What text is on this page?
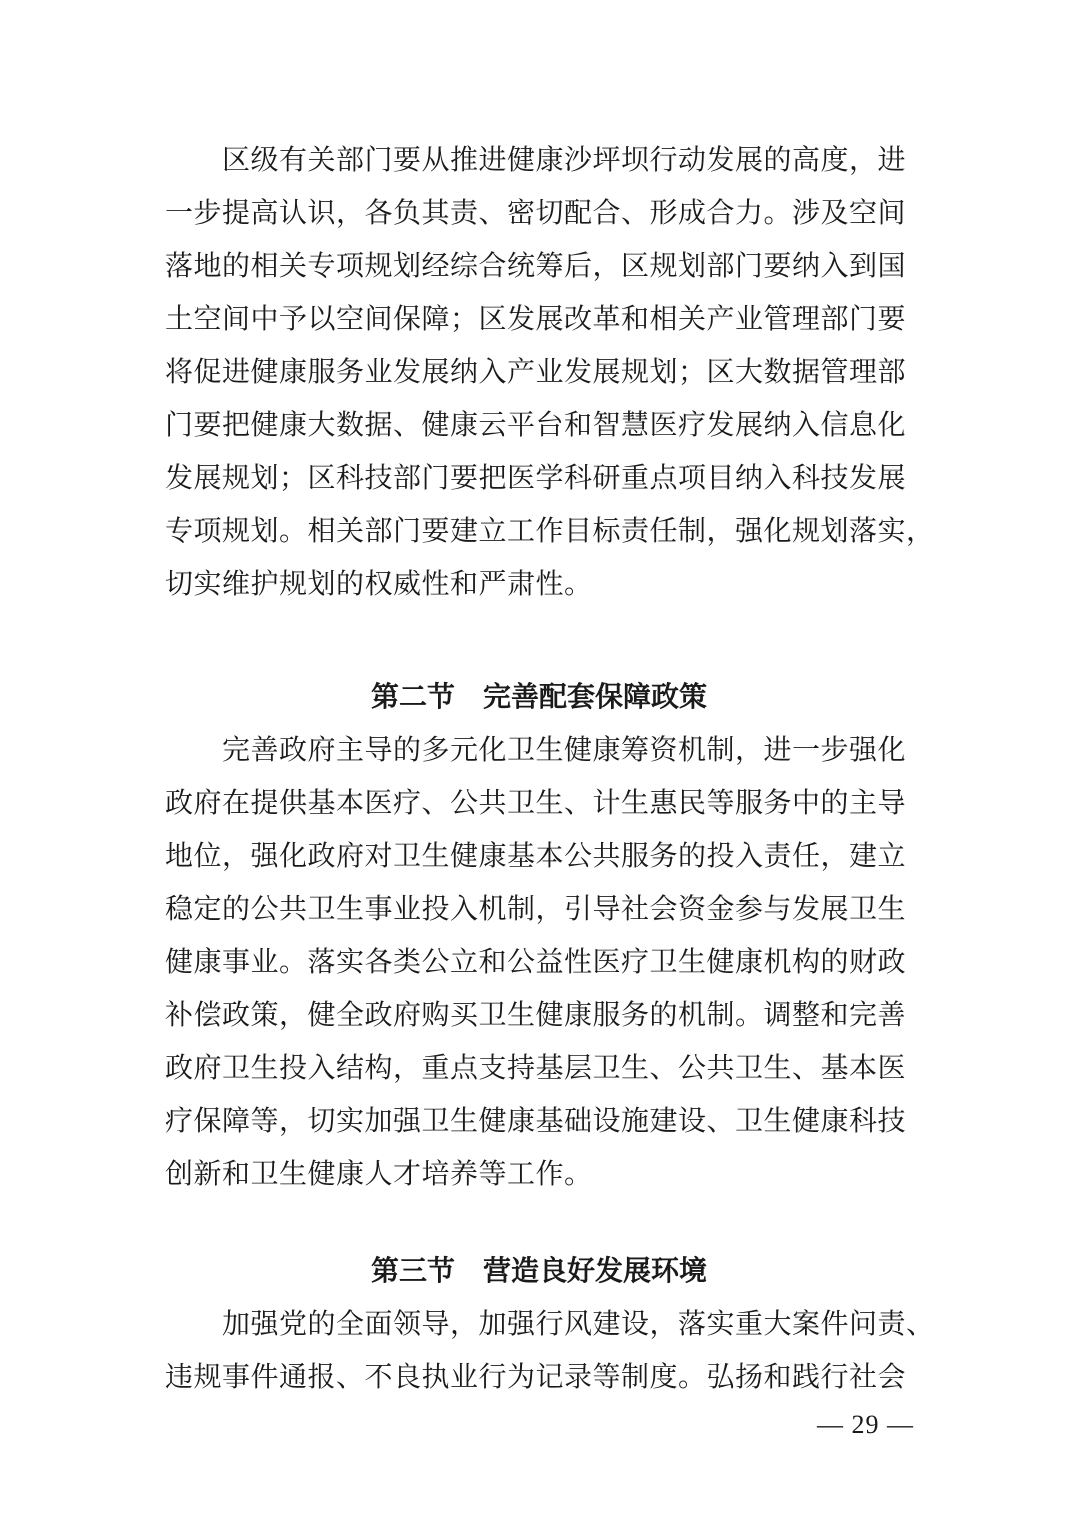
　　区级有关部门要从推进健康沙坪坝行动发展的高度，进

一步提高认识，各负其责、密切配合、形成合力。涉及空间

落地的相关专项规划经综合统筹后，区规划部门要纳入到国

土空间中予以空间保障；区发展改革和相关产业管理部门要

将促进健康服务业发展纳入产业发展规划；区大数据管理部

门要把健康大数据、健康云平台和智慧医疗发展纳入信息化

发展规划；区科技部门要把医学科研重点项目纳入科技发展

专项规划。相关部门要建立工作目标责任制，强化规划落实，

切实维护规划的权威性和严肃性。

第二节　完善配套保障政策

　　完善政府主导的多元化卫生健康筹资机制，进一步强化

政府在提供基本医疗、公共卫生、计生惠民等服务中的主导

地位，强化政府对卫生健康基本公共服务的投入责任，建立

稳定的公共卫生事业投入机制，引导社会资金参与发展卫生

健康事业。落实各类公立和公益性医疗卫生健康机构的财政

补偿政策，健全政府购买卫生健康服务的机制。调整和完善

政府卫生投入结构，重点支持基层卫生、公共卫生、基本医

疗保障等，切实加强卫生健康基础设施建设、卫生健康科技

创新和卫生健康人才培养等工作。

第三节　营造良好发展环境

　　加强党的全面领导，加强行风建设，落实重大案件问责、

违规事件通报、不良执业行为记录等制度。弘扬和践行社会

— 29 —
